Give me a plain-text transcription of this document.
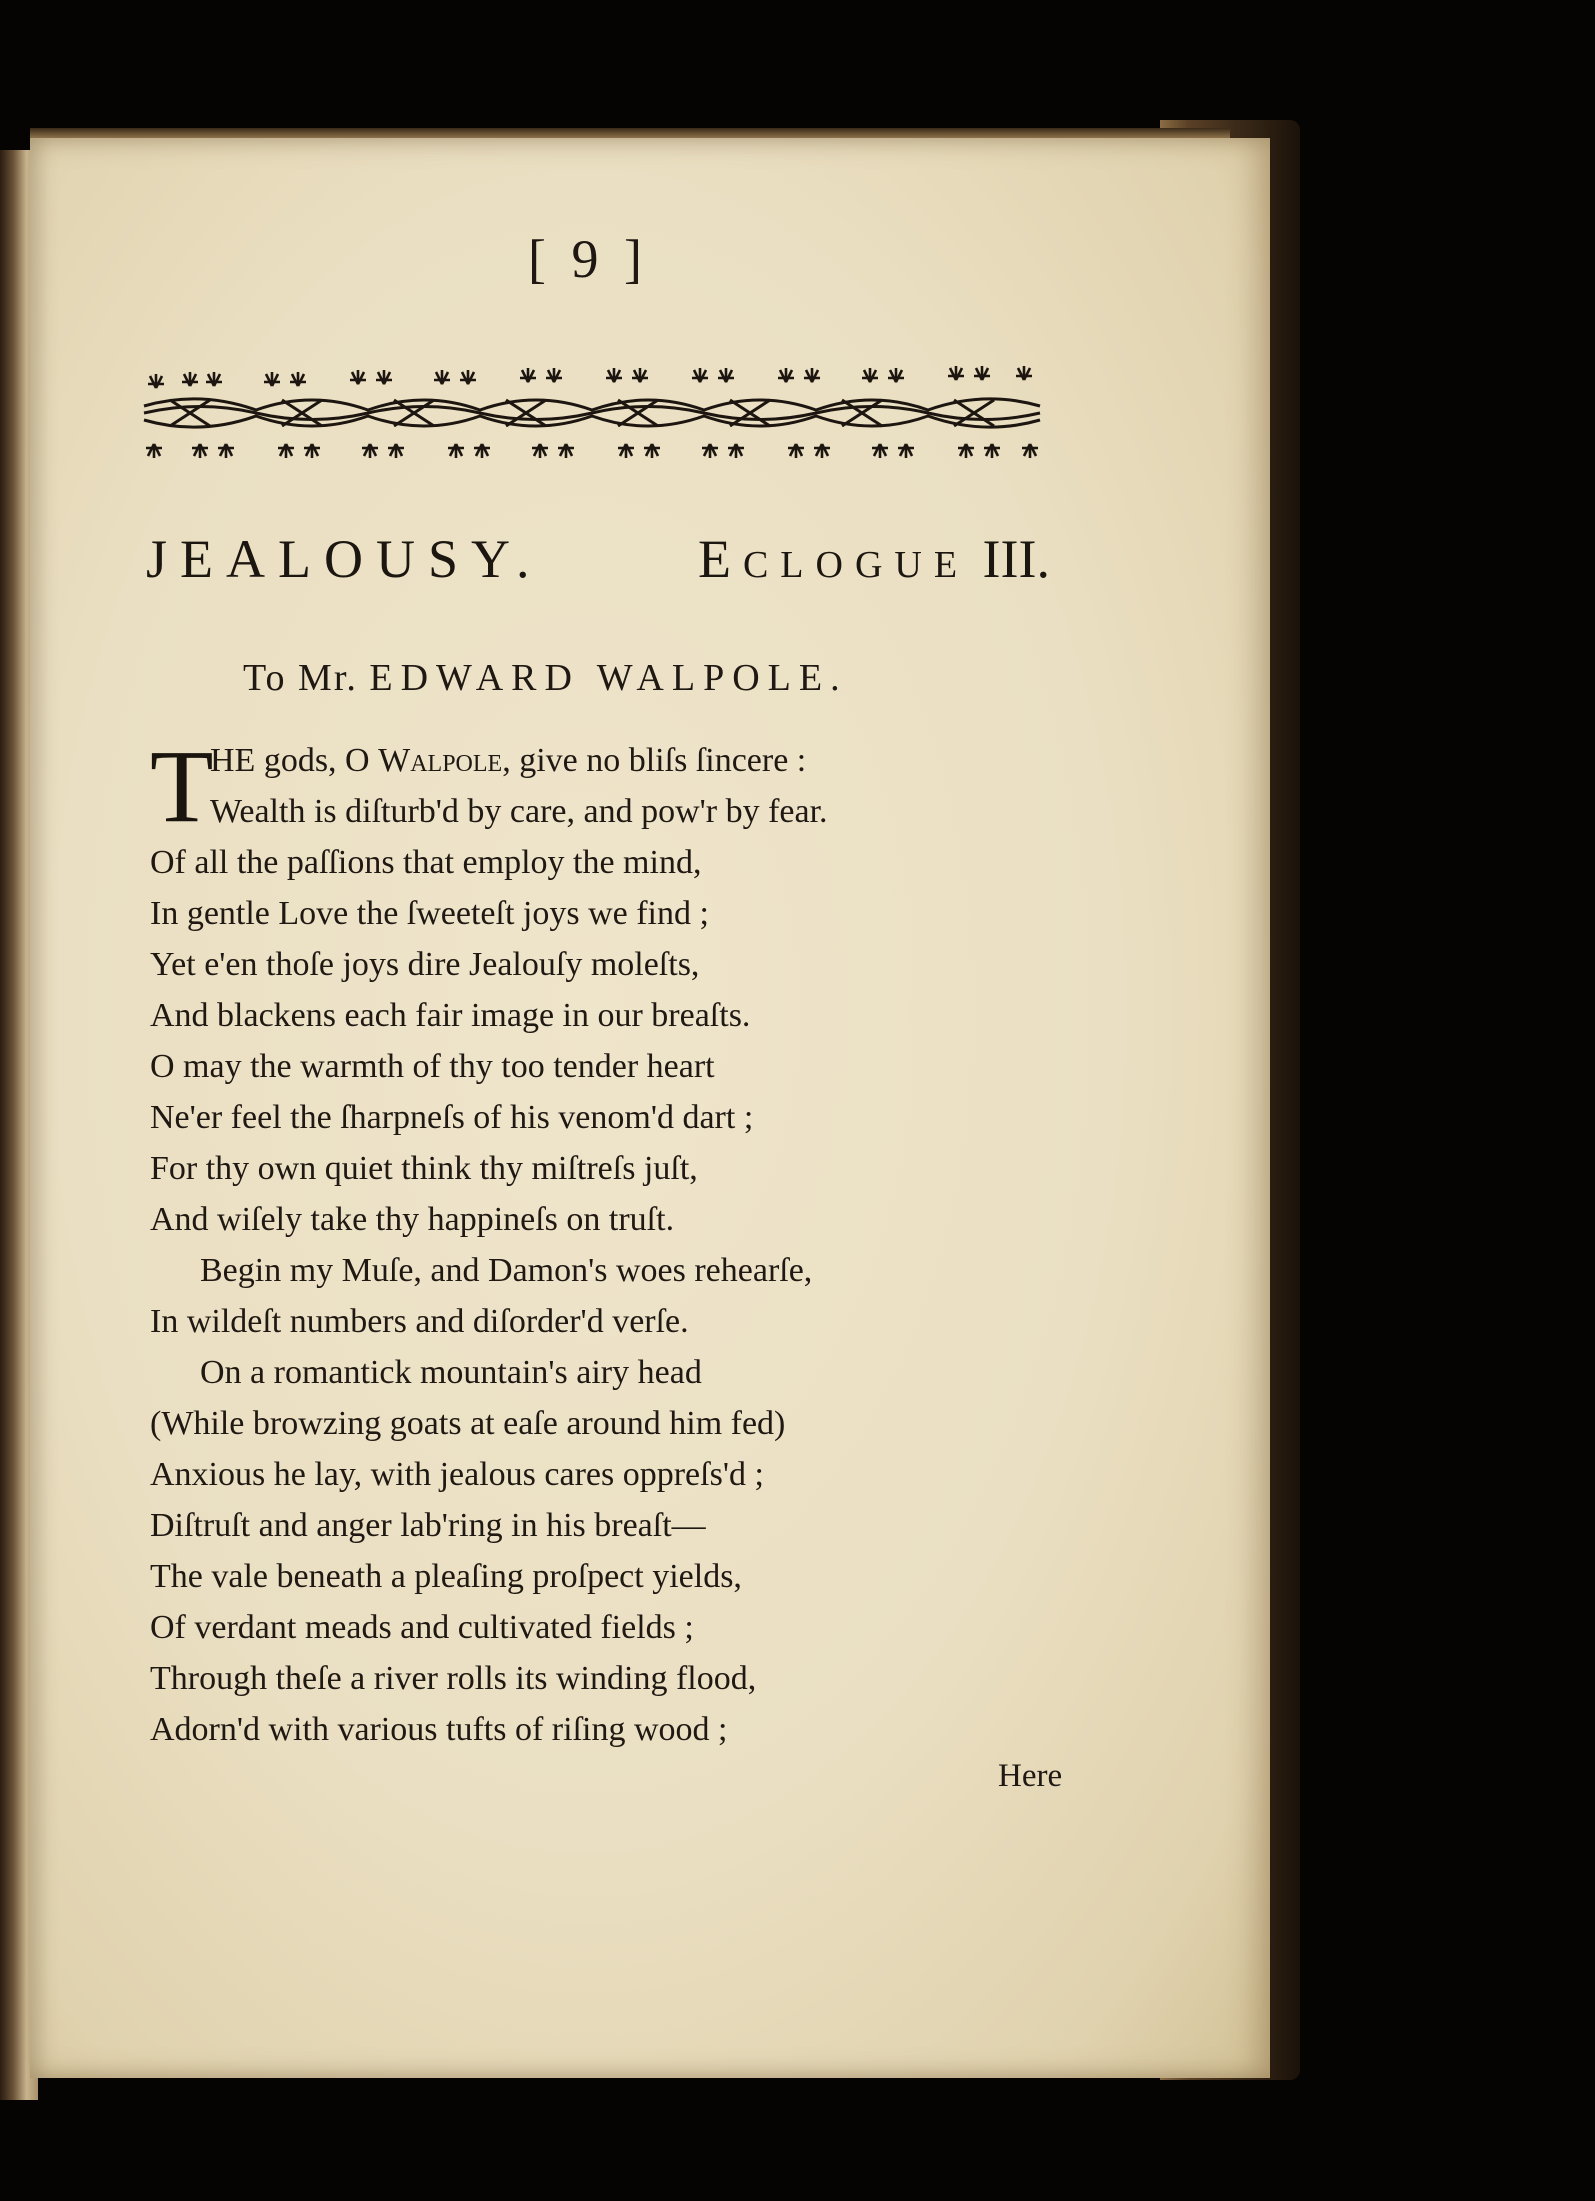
[ 9 ]
JEALOUSY.	Eclogue III.
To Mr. EDWARD WALPOLE.
T
HE gods, O Walpole, give no bliſs ſincere :
Wealth is diſturb'd by care, and pow'r by fear.
Of all the paſſions that employ the mind,
In gentle Love the ſweeteſt joys we find ;
Yet e'en thoſe joys dire Jealouſy moleſts,
And blackens each fair image in our breaſts.
O may the warmth of thy too tender heart
Ne'er feel the ſharpneſs of his venom'd dart ;
For thy own quiet think thy miſtreſs juſt,
And wiſely take thy happineſs on truſt.
Begin my Muſe, and Damon's woes rehearſe,
In wildeſt numbers and diſorder'd verſe.
On a romantick mountain's airy head
(While browzing goats at eaſe around him fed)
Anxious he lay, with jealous cares oppreſs'd ;
Diſtruſt and anger lab'ring in his breaſt—
The vale beneath a pleaſing proſpect yields,
Of verdant meads and cultivated fields ;
Through theſe a river rolls its winding flood,
Adorn'd with various tufts of riſing wood ;
Here
